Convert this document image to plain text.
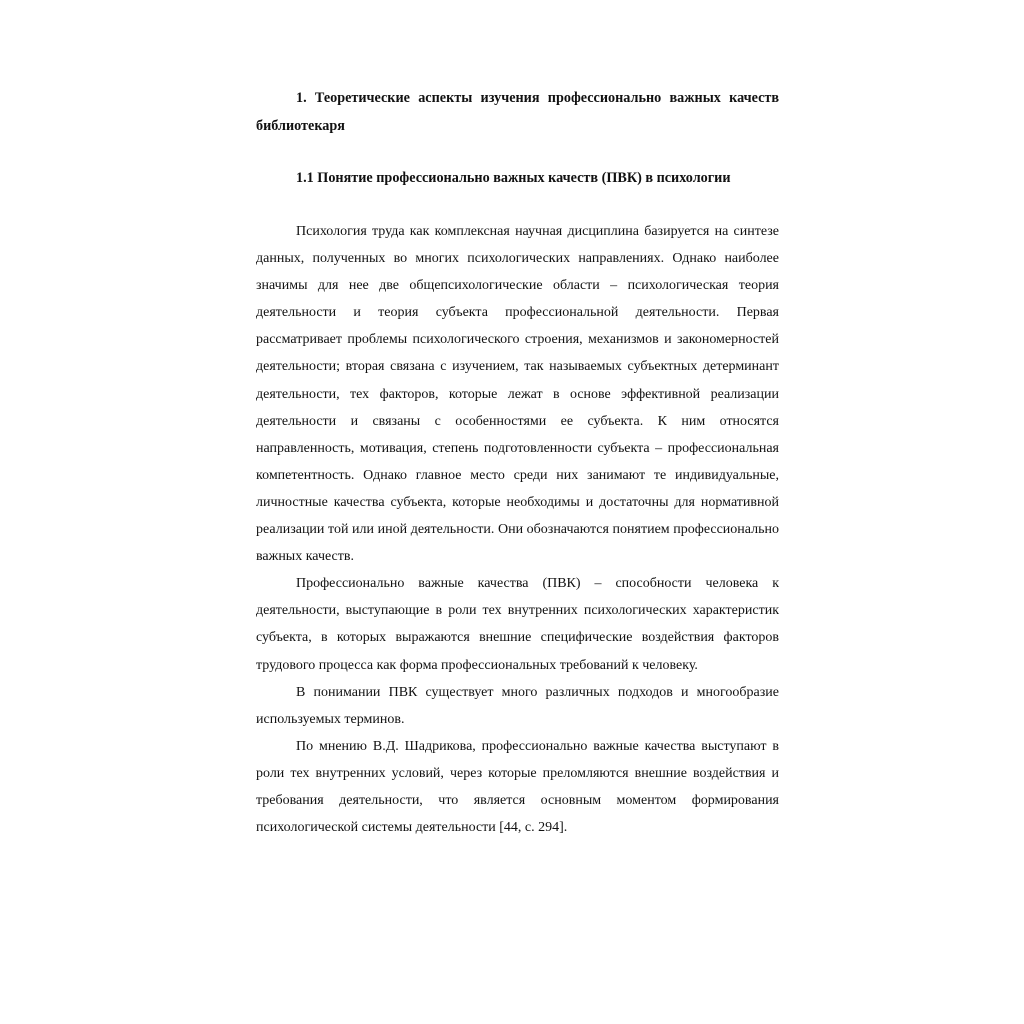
1. Теоретические аспекты изучения профессионально важных качеств библиотекаря
1.1 Понятие профессионально важных качеств (ПВК) в психологии

Психология труда как комплексная научная дисциплина базируется на синтезе данных, полученных во многих психологических направлениях. Однако наиболее значимы для нее две общепсихологические области – психологическая теория деятельности и теория субъекта профессиональной деятельности. Первая рассматривает проблемы психологического строения, механизмов и закономерностей деятельности; вторая связана с изучением, так называемых субъектных детерминант деятельности, тех факторов, которые лежат в основе эффективной реализации деятельности и связаны с особенностями ее субъекта. К ним относятся направленность, мотивация, степень подготовленности субъекта – профессиональная компетентность. Однако главное место среди них занимают те индивидуальные, личностные качества субъекта, которые необходимы и достаточны для нормативной реализации той или иной деятельности. Они обозначаются понятием профессионально важных качеств.

Профессионально важные качества (ПВК) – способности человека к деятельности, выступающие в роли тех внутренних психологических характеристик субъекта, в которых выражаются внешние специфические воздействия факторов трудового процесса как форма профессиональных требований к человеку.

В понимании ПВК существует много различных подходов и многообразие используемых терминов.

По мнению В.Д. Шадрикова, профессионально важные качества выступают в роли тех внутренних условий, через которые преломляются внешние воздействия и требования деятельности, что является основным моментом формирования психологической системы деятельности [44, с. 294].
